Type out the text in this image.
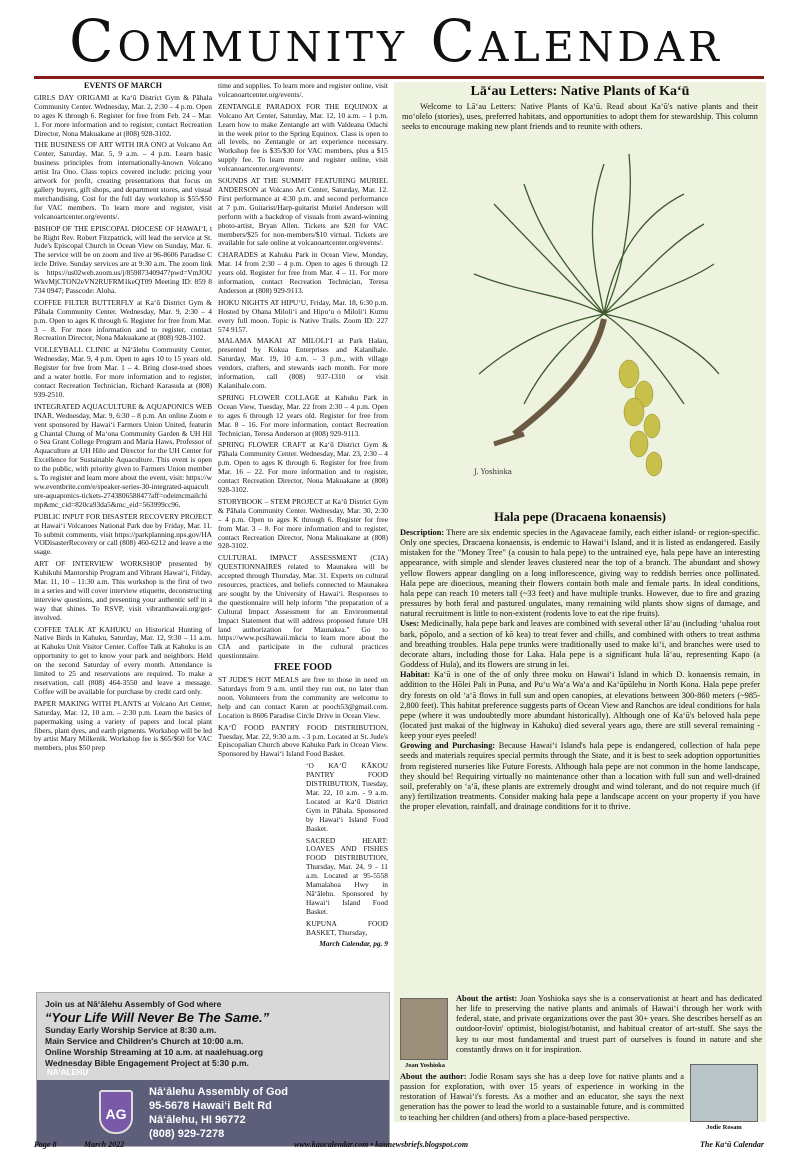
Community Calendar
EVENTS OF MARCH

GIRLS DAY ORIGAMI at Ka‘ū District Gym & Pāhala Community Center. Wednesday, Mar. 2, 2:30 – 4 p.m. Open to ages K through 6. Register for free from Feb. 24 – Mar. 1. For more information and to register, contact Recreation Director, Nona Makuakane at (808) 928-3102.

THE BUSINESS OF ART WITH IRA ONO at Volcano Art Center, Saturday, Mar. 5, 9 a.m. – 4 p.m. Learn basic business principles from internationally-known Volcano artist Ira Ono. Class topics covered include: pricing your artwork for profit, creating presentations that focus on gallery buyers, gift shops, and department stores, and visual merchandising. Cost for the full day workshop is $55/$50 for VAC members. To learn more and register, visit volcanoartcenter.org/events/.

BISHOP OF THE EPISCOPAL DIOCESE OF HAWAI‘I, the Right Rev. Robert Fitzpatrick, will lead the service at St. Jude's Episcopal Church in Ocean View on Sunday, Mar. 6. The service will be on zoom and live at 96-8606 Paradise Circle Drive. Sunday services are at 9:30 a.m. The zoom link is https://us02web.zoom.us/j/85987340947?pwd=VmJOUWkvMjCTON2eVN2RUFRM1keQT09 Meeting ID: 859 8734 0947; Passcode: Aloha.

COFFEE FILTER BUTTERFLY at Ka‘ū District Gym & Pāhala Community Center. Wednesday, Mar. 9, 2:30 – 4 p.m. Open to ages K through 6. Register for free from Mar. 3 – 8. For more information and to register, contact Recreation Director, Nona Makuakane at (808) 928-3102.

VOLLEYBALL CLINIC at Nā‘ālehu Community Center, Wednesday, Mar. 9, 4 p.m. Open to ages 10 to 15 years old. Register for free from Mar. 1 – 4. Bring close-toed shoes and a water bottle. For more information and to register, contact Recreation Technician, Richard Karasuda at (808) 939-2510.

INTEGRATED AQUACULTURE & AQUAPONICS WEBINAR, Wednesday, Mar. 9, 6:30 – 8 p.m. An online Zoom event sponsored by Hawai‘i Farmers Union United, featuring Chantal Chung of Ma‘ona Community Garden & UH Hilo Sea Grant College Program and Maria Haws, Professor of Aquaculture at UH Hilo and Director for the UH Center for Excellence for Sustainable Aquaculture. This event is open to the public, with priority given to Farmers Union members. To register and learn more about the event, visit: https://www.eventbrite.com/e/speaker-series-30-integrated-aquaculture-aquaponics-tickets-274380658847?aff=odeimcmailchimp&mc_cid=820ca93da5&mc_eid=563999cc96.

PUBLIC INPUT FOR DISASTER RECOVERY PROJECT at Hawai‘i Volcanoes National Park due by Friday, Mar. 11. To submit comments, visit https://parkplanning.nps.gov/HAVODisasterRecovery or call (808) 460-6212 and leave a message.

ART OF INTERVIEW WORKSHOP presented by Kuhikuhi Mantorship Program and Vibrant Hawai‘i, Friday, Mar. 11, 10 – 11:30 a.m. This workshop is the first of two in a series and will cover interview etiquette, deconstructing interview questions, and presenting your authentic self in a way that shines. To RSVP, visit vibranthawaii.org/get-involved.

COFFEE TALK AT KAHUKU on Historical Hunting of Native Birds in Kahuku, Saturday, Mar. 12, 9:30 – 11 a.m. at Kahuku Unit Visitor Center. Coffee Talk at Kahuku is an opportunity to get to know your park and neighbors. Held on the second Saturday of every month. Attendance is limited to 25 and reservations are required. To make a reservation, call (808) 464-3550 and leave a message. Coffee will be available for purchase by credit card only.

PAPER MAKING WITH PLANTS at Volcano Art Center, Saturday, Mar. 12, 10 a.m. – 2:30 p.m. Learn the basics of papermaking using a variety of papers and local plant fibers, plant dyes, and earth pigments. Workshop will be led by artist Mary Milkenik. Workshop fee is $65/$60 for VAC members, plus $50 prep

time and supplies. To learn more and register online, visit volcanoartcenter.org/events/.

ZENTANGLE PARADOX FOR THE EQUINOX at Volcano Art Center, Saturday, Mar. 12, 10 a.m. – 1 p.m. Learn how to make Zentangle art with Valdeana Odachi in the week prior to the Spring Equinox. Class is open to all levels, no Zentangle or art experience necessary. Workshop fee is $35/$30 for VAC members, plus a $15 supply fee. To learn more and register online, visit volcanoartcenter.org/events/.

SOUNDS AT THE SUMMIT FEATURING MURIEL ANDERSON at Volcano Art Center, Saturday, Mar. 12. First performance at 4:30 p.m. and second performance at 7 p.m. Guitarist/Harp-guitarist Muriel Anderson will perform with a backdrop of visuals from award-winning photo-artist, Bryan Allen. Tickets are $20 for VAC members/$25 for non-members/$10 virtual. Tickets are available for sale online at volcanoartcenter.org/events/.

CHARADES at Kahuku Park in Ocean View, Monday, Mar. 14 from 2:30 – 4 p.m. Open to ages 6 through 12 years old. Register for free from Mar. 4 – 11. For more information, contact Recreation Technician, Teresa Anderson at (808) 929-9113.

HOKU NIGHTS AT HIPU‘U, Friday, Mar. 18, 6:30 p.m. Hosted by Ohana Miloli‘i and Hipu‘u o Miloli‘i Kumu every full moon. Topic is Native Trails. Zoom ID: 227 574 9157.

MALAMA MAKAI AT MILOLI‘I at Park Halau, presented by Kokua Enterprises and Kalanihale. Saturday, Mar. 19, 10 a.m. – 3 p.m., with village vendors, crafters, and stewards each month. For more information, call (808) 937-1310 or visit Kalanihale.com.

SPRING FLOWER COLLAGE at Kahuku Park in Ocean View, Tuesday, Mar. 22 from 2:30 – 4 p.m. Open to ages 6 through 12 years old. Register for free from Mar. 8 – 16. For more information, contact Recreation Technician, Teresa Anderson at (808) 929-9113.

SPRING FLOWER CRAFT at Ka‘ū District Gym & Pāhala Community Center. Wednesday, Mar. 23, 2:30 – 4 p.m. Open to ages K through 6. Register for free from Mar. 16 – 22. For more information and to register, contact Recreation Director, Nona Makuakane at (808) 928-3102.

STORYBOOK – STEM PROJECT at Ka‘ū District Gym & Pāhala Community Center. Wednesday, Mar. 30, 2:30 – 4 p.m. Open to ages K through 6. Register for free from Mar. 3 – 8. For more information and to register, contact Recreation Director, Nona Makuakane at (808) 928-3102.

CULTURAL IMPACT ASSESSMENT (CIA) QUESTIONNAIRES related to Maunakea will be accepted through Thursday, Mar. 31. Experts on cultural resources, practices, and beliefs connected to Maunakea are sought by the University of Hawai‘i. Responses to the questionnaire will help inform "the preparation of a Cultural Impact Assessment for an Environmental Impact Statement that will address proposed future UH land authorization for Maunakea." Go to https://www.pcsihawaii.mkcia to learn more about the CIA and participate in the cultural practices questionnaire.

FREE FOOD

ST JUDE'S HOT MEALS are free to those in need on Saturdays from 9 a.m. until they run out, no later than noon. Volunteers from the community are welcome to help and can contact Karen at pooch53@gmail.com. Location is 8606 Paradise Circle Drive in Ocean View.

KA‘Ū FOOD PANTRY FOOD DISTRIBUTION, Tuesday, Mar. 22, 9:30 a.m. - 3 p.m. Located at St. Jude's Episcopalian Church above Kahuku Park in Ocean View. Sponsored by Hawai‘i Island Food Basket.

‘O KA‘Ū KĀKOU PANTRY FOOD DISTRIBUTION, Tuesday, Mar. 22, 10 a.m. - 9 a.m. Located at Ka‘ū District Gym in Pāhala. Sponsored by Hawai‘i Island Food Basket.

SACRED HEART: LOAVES AND FISHES FOOD DISTRIBUTION, Thursday, Mar. 24, 9 - 11 a.m. Located at 95-5558 Mamalahoa Hwy in Nā‘ālehu. Sponsored by Hawai‘i Island Food Basket.

KUPUNA FOOD BASKET, Thursday,

March Calendar, pg. 9

Join us at Nā‘ālehu Assembly of God where
“Your Life Will Never Be The Same.”
Sunday Early Worship Service at 8:30 a.m.
Main Service and Children's Church at 10:00 a.m.
Online Worship Streaming at 10 a.m. at naalehuag.org
Wednesday Bible Engagement Project at 5:30 p.m.
AG
NA‘ALEHU
Nā‘ālehu Assembly of God
95-5678 Hawai‘i Belt Rd
Nā‘ālehu, HI 96772
(808) 929-7278
Lā‘au Letters: Native Plants of Ka‘ū
Welcome to Lā‘au Letters: Native Plants of Ka‘ū. Read about Ka‘ū's native plants and their mo‘olelo (stories), uses, preferred habitats, and opportunities to adopt them for stewardship. This column seeks to encourage making new plant friends and to reunite with others.
J. Yoshioka
Hala pepe (Dracaena konaensis)

Description: There are six endemic species in the Agavaceae family, each either island- or region-specific. Only one species, Dracaena konaensis, is endemic to Hawai‘i Island, and it is listed as endangered. Easily mistaken for the "Money Tree" (a cousin to hala pepe) to the untrained eye, hala pepe have an interesting appearance, with simple and slender leaves clustered near the top of a branch. The abundant and showy yellow flowers appear dangling on a long inflorescence, giving way to reddish berries once pollinated. Hala pepe are dioecious, meaning their flowers contain both male and female parts. In ideal conditions, hala pepe can reach 10 meters tall (~33 feet) and have multiple trunks. However, due to fire and grazing pressures by both feral and pastured ungulates, many remaining wild plants show signs of damage, and natural recruitment is little to non-existent (rodents love to eat the ripe fruits).

Uses: Medicinally, hala pepe bark and leaves are combined with several other lā‘au (including ‘uhaloa root bark, pōpolo, and a section of kō kea) to treat fever and chills, and combined with others to treat asthma and breathing troubles. Hala pepe trunks were traditionally used to make ki‘i, and branches were used to decorate altars, including those for Laka. Hala pepe is a significant hula lā‘au, representing Kapo (a Goddess of Hula), and its flowers are strung in lei.

Habitat: Ka‘ū is one of the of only three moku on Hawai‘i Island in which D. konaensis remain, in addition to the Hōlei Pali in Puna, and Pu‘u Wa‘a Wa‘a and Ka‘ūpūlehu in North Kona. Hala pepe prefer dry forests on old ‘a‘ā flows in full sun and open canopies, at elevations between 300-860 meters (~985-2,800 feet). This habitat preference suggests parts of Ocean View and Ranchos are ideal conditions for hala pepe (where it was undoubtedly more abundant historically). Although one of Ka‘ū's beloved hala pepe (located just makai of the highway in Kahuku) died several years ago, there are still several remaining - keep your eyes peeled!

Growing and Purchasing: Because Hawai‘i Island's hala pepe is endangered, collection of hala pepe seeds and materials requires special permits through the State, and it is best to seek adoption opportunities from registered nurseries like Future Forests. Although hala pepe are not common in the home landscape, they should be! Requiring virtually no maintenance other than a location with full sun and well-drained soil, preferably on ‘a‘ā, these plants are extremely drought and wind tolerant, and do not require much (if any) fertilization treatments. Consider making hala pepe a landscape accent on your property if you have the proper elevation, rainfall, and drainage conditions for it to thrive.

Joan Yoshioka
About the artist: Joan Yoshioka says she is a conservationist at heart and has dedicated her life to preserving the native plants and animals of Hawai‘i through her work with federal, state, and private organizations over the past 30+ years. She describes herself as an outdoor-lovin' optimist, biologist/botanist, and habitual creator of art-stuff. She says the key to our most fundamental and truest part of ourselves is found in nature and she constantly draws on it for inspiration.
Jodie Rosam
About the author: Jodie Rosam says she has a deep love for native plants and a passion for exploration, with over 15 years of experience in working in the restoration of Hawai‘i's forests. As a mother and an educator, she says the next generation has the power to lead the world to a sustainable future, and is committed to teaching her children (and others) from a place-based perspective.
Page 8	March 2022	www.kaucalendar.com • kaunewsbriefs.blogspot.com	The Ka‘ū Calendar
